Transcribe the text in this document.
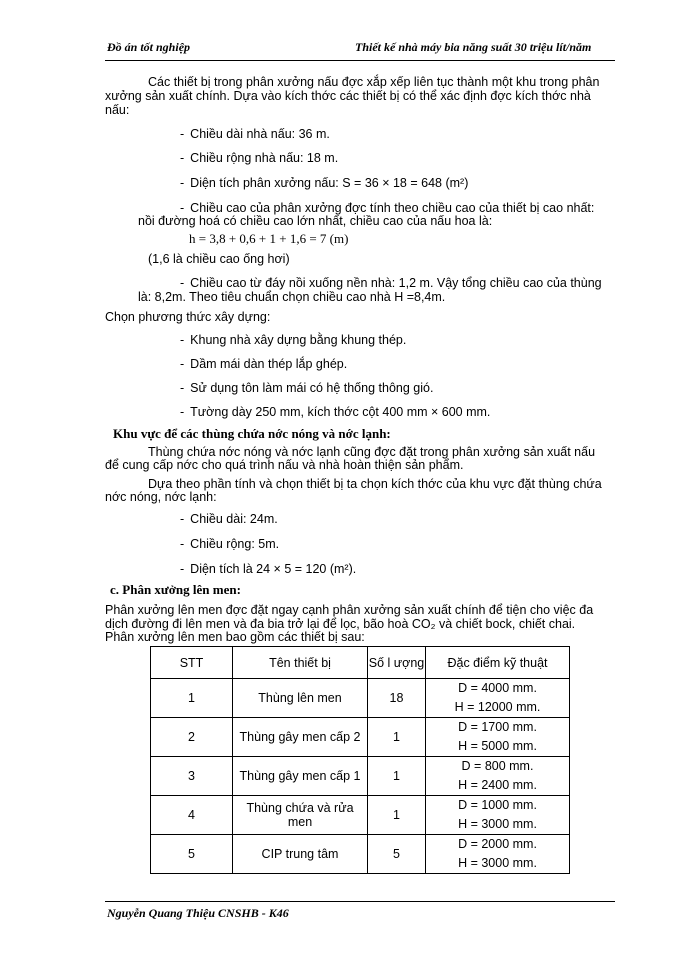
Đồ án tốt nghiệp	Thiết kế nhà máy bia năng suất 30 triệu lít/năm
Các thiết bị trong phân xưởng nấu đợc xắp xếp liên tục thành một khu trong phân
xưởng sản xuất chính. Dựa vào kích thớc các thiết bị có thể xác định đợc kích thớc nhà
nấu:
- Chiều dài nhà nấu: 36 m.
- Chiều rộng nhà nấu: 18 m.
- Diện tích phân xưởng nấu: S = 36 × 18 = 648 (m²)
- Chiều cao của phân xưởng đợc tính theo chiều cao của thiết bị cao nhất:
nồi đường hoá có chiều cao lớn nhất, chiều cao của nấu hoa là:
h = 3,8 + 0,6 + 1 + 1,6 = 7 (m)
(1,6 là chiều cao ống hơi)
- Chiều cao từ đáy nồi xuống nền nhà: 1,2 m. Vậy tổng chiều cao của thùng
là: 8,2m. Theo tiêu chuẩn chọn chiều cao nhà H =8,4m.
Chọn phương thức xây dựng:
- Khung nhà xây dựng bằng khung thép.
- Dầm mái dàn thép lắp ghép.
- Sử dụng tôn làm mái có hệ thống thông gió.
- Tường dày 250 mm, kích thớc cột 400 mm × 600 mm.
Khu vực để các thùng chứa nớc nóng và nớc lạnh:
Thùng chứa nớc nóng và nớc lạnh cũng đợc đặt trong phân xưởng sản xuất nấu
để cung cấp nớc cho quá trình nấu và nhà hoàn thiện sản phẩm.
Dựa theo phần tính và chọn thiết bị ta chọn kích thớc của khu vực đặt thùng chứa
nớc nóng, nớc lạnh:
- Chiều dài: 24m.
- Chiều rộng: 5m.
- Diện tích là 24 × 5 = 120 (m²).
c. Phân xưởng lên men:
Phân xưởng lên men đợc đặt ngay cạnh phân xưởng sản xuất chính để tiện cho việc đa
dịch đường đi lên men và đa bia trở lại để lọc, bão hoà CO₂ và chiết bock, chiết chai.
Phân xưởng lên men bao gồm các thiết bị sau:
STT	Tên thiết bị	Số l ượng	Đặc điểm kỹ thuật
1	Thùng lên men	18	D = 4000 mm.
H = 12000 mm.

2	Thùng gây men cấp 2	1	D = 1700 mm.
H = 5000 mm.

3	Thùng gây men cấp 1	1	D = 800 mm.
H = 2400 mm.

4	Thùng chứa và rửa men	1	D = 1000 mm.
H = 3000 mm.

5	CIP trung tâm	5	D = 2000 mm.
H = 3000 mm.
Nguyễn Quang Thiệu CNSHB - K46
